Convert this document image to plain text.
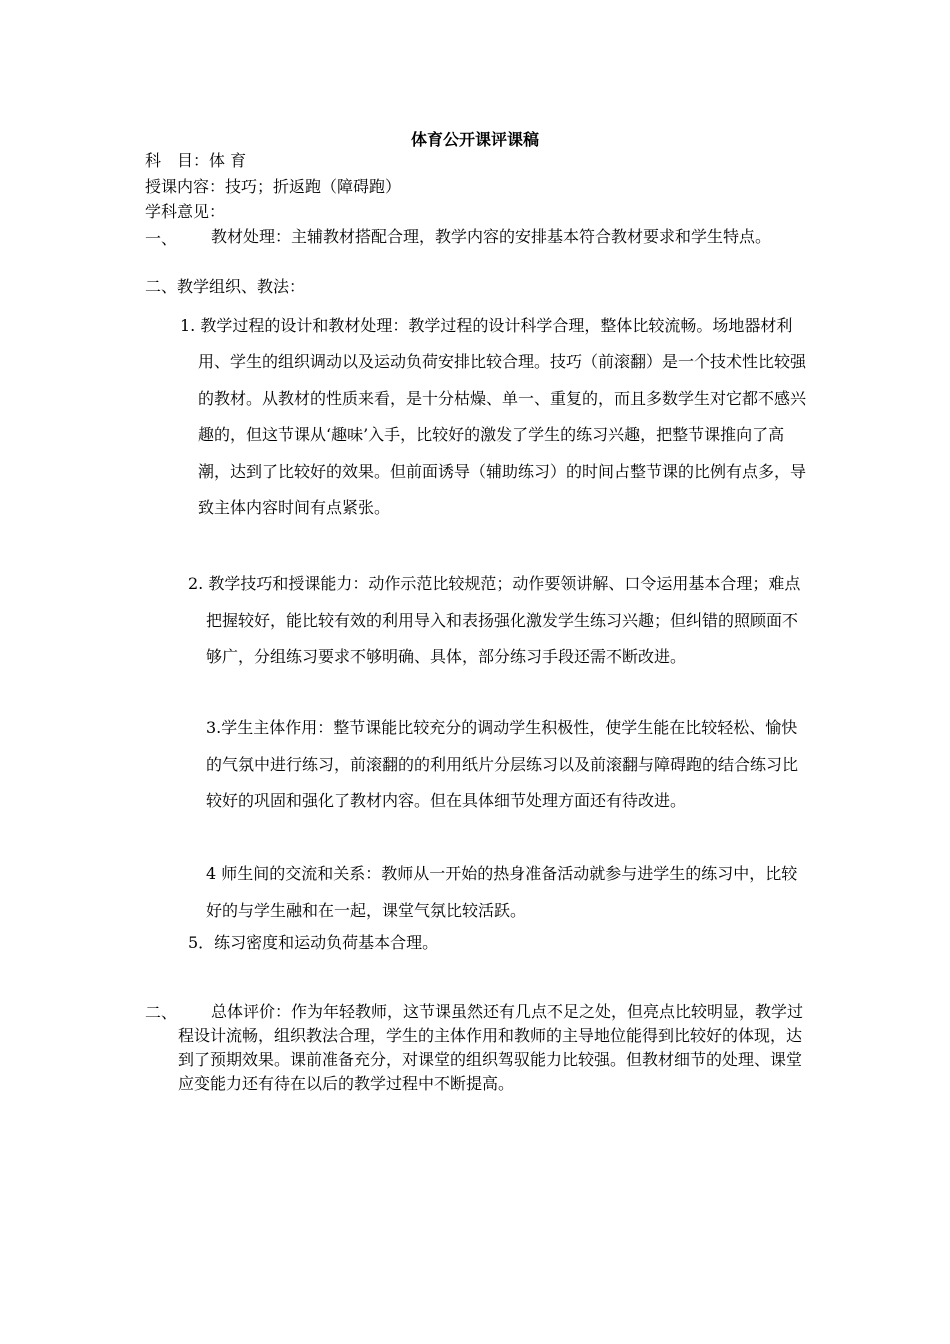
体育公开课评课稿
科　目：体 育
授课内容：技巧；折返跑（障碍跑）
学科意见：
一、	教材处理：主辅教材搭配合理，教学内容的安排基本符合教材要求和学生特点。
二、教学组织、教法：

1. 教学过程的设计和教材处理：教学过程的设计科学合理，整体比较流畅。场地器材利用、学生的组织调动以及运动负荷安排比较合理。技巧（前滚翻）是一个技术性比较强的教材。从教材的性质来看，是十分枯燥、单一、重复的，而且多数学生对它都不感兴趣的，但这节课从‘趣味’入手，比较好的激发了学生的练习兴趣，把整节课推向了高潮，达到了比较好的效果。但前面诱导（辅助练习）的时间占整节课的比例有点多，导致主体内容时间有点紧张。

2. 教学技巧和授课能力：动作示范比较规范；动作要领讲解、口令运用基本合理；难点把握较好，能比较有效的利用导入和表扬强化激发学生练习兴趣；但纠错的照顾面不够广，分组练习要求不够明确、具体，部分练习手段还需不断改进。

3.学生主体作用：整节课能比较充分的调动学生积极性，使学生能在比较轻松、愉快的气氛中进行练习，前滚翻的的利用纸片分层练习以及前滚翻与障碍跑的结合练习比较好的巩固和强化了教材内容。但在具体细节处理方面还有待改进。

4 师生间的交流和关系：教师从一开始的热身准备活动就参与进学生的练习中，比较好的与学生融和在一起，课堂气氛比较活跃。

5．练习密度和运动负荷基本合理。

二、	总体评价：作为年轻教师，这节课虽然还有几点不足之处，但亮点比较明显，教学过程设计流畅，组织教法合理，学生的主体作用和教师的主导地位能得到比较好的体现，达到了预期效果。课前准备充分，对课堂的组织驾驭能力比较强。但教材细节的处理、课堂应变能力还有待在以后的教学过程中不断提高。
